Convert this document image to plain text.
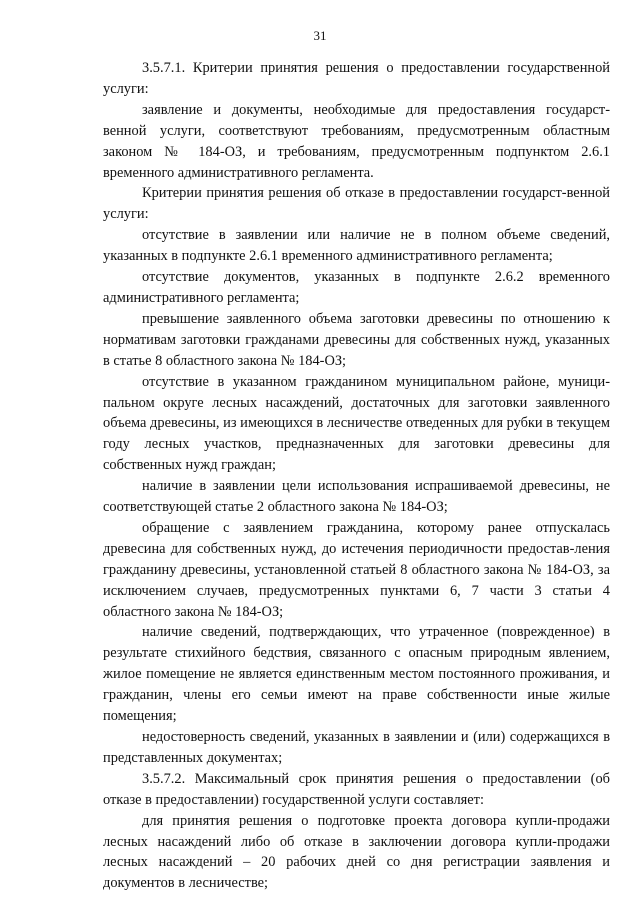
31

3.5.7.1. Критерии принятия решения о предоставлении государственной услуги:

заявление и документы, необходимые для предоставления государст-венной услуги, соответствуют требованиям, предусмотренным областным законом № 184-ОЗ, и требованиям, предусмотренным подпунктом 2.6.1 временного административного регламента.

Критерии принятия решения об отказе в предоставлении государст-венной услуги:

отсутствие в заявлении или наличие не в полном объеме сведений, указанных в подпункте 2.6.1 временного административного регламента;

отсутствие документов, указанных в подпункте 2.6.2 временного административного регламента;

превышение заявленного объема заготовки древесины по отношению к нормативам заготовки гражданами древесины для собственных нужд, указанных в статье 8 областного закона № 184-ОЗ;

отсутствие в указанном гражданином муниципальном районе, муници-пальном округе лесных насаждений, достаточных для заготовки заявленного объема древесины, из имеющихся в лесничестве отведенных для рубки в текущем году лесных участков, предназначенных для заготовки древесины для собственных нужд граждан;

наличие в заявлении цели использования испрашиваемой древесины, не соответствующей статье 2 областного закона № 184-ОЗ;

обращение с заявлением гражданина, которому ранее отпускалась древесина для собственных нужд, до истечения периодичности предостав-ления гражданину древесины, установленной статьей 8 областного закона № 184-ОЗ, за исключением случаев, предусмотренных пунктами 6, 7 части 3 статьи 4 областного закона № 184-ОЗ;

наличие сведений, подтверждающих, что утраченное (поврежденное) в результате стихийного бедствия, связанного с опасным природным явлением, жилое помещение не является единственным местом постоянного проживания, и гражданин, члены его семьи имеют на праве собственности иные жилые помещения;

недостоверность сведений, указанных в заявлении и (или) содержащихся в представленных документах;

3.5.7.2. Максимальный срок принятия решения о предоставлении (об отказе в предоставлении) государственной услуги составляет:

для принятия решения о подготовке проекта договора купли-продажи лесных насаждений либо об отказе в заключении договора купли-продажи лесных насаждений – 20 рабочих дней со дня регистрации заявления и документов в лесничестве;
